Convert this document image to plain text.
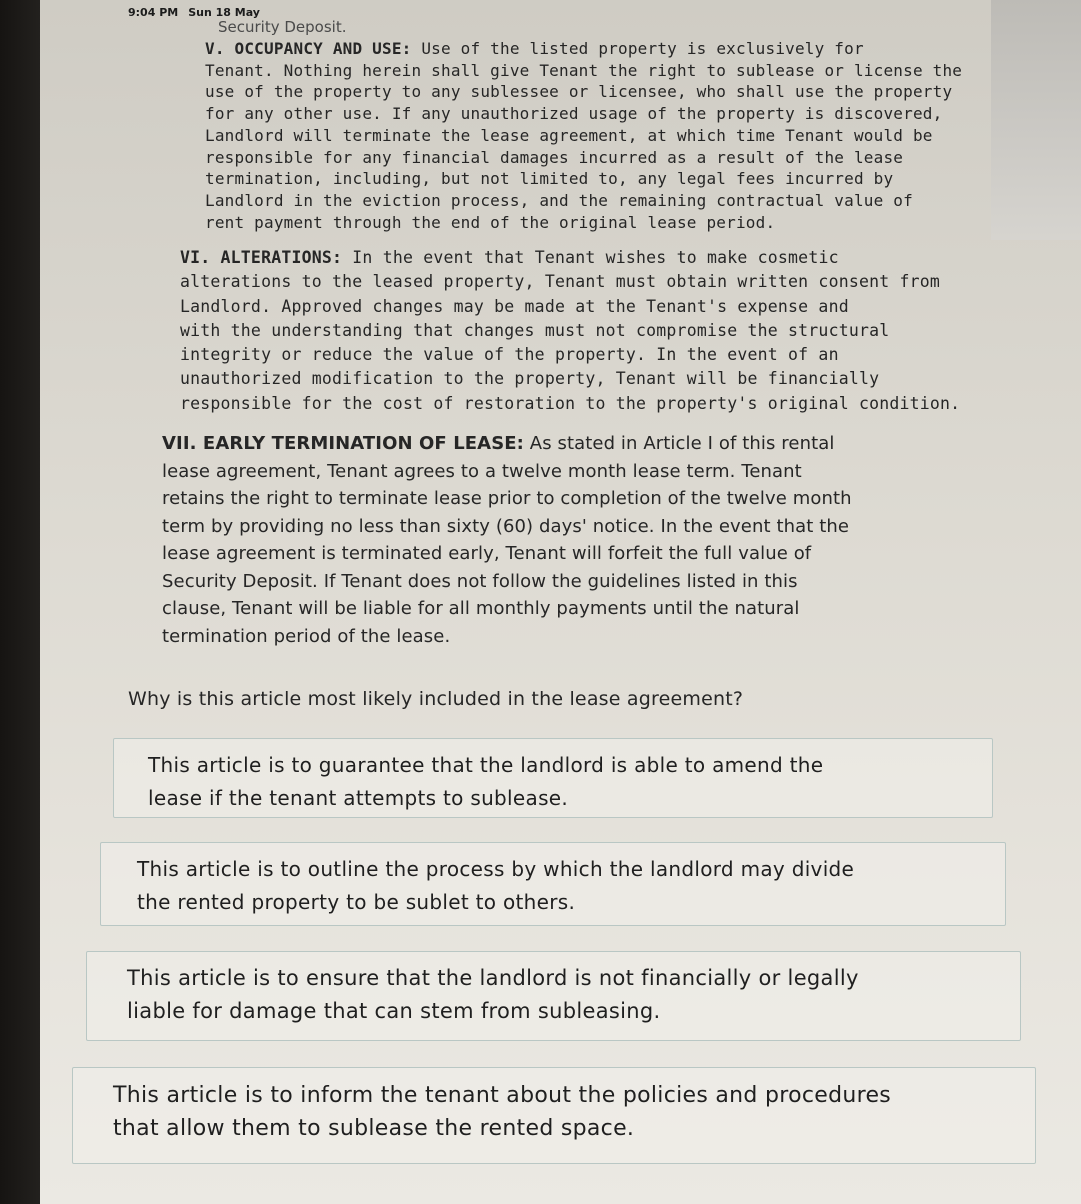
9:04 PM Sun 18 May
Security Deposit.
V. OCCUPANCY AND USE: Use of the listed property is exclusively for
Tenant. Nothing herein shall give Tenant the right to sublease or license the
use of the property to any sublessee or licensee, who shall use the property
for any other use. If any unauthorized usage of the property is discovered,
Landlord will terminate the lease agreement, at which time Tenant would be
responsible for any financial damages incurred as a result of the lease
termination, including, but not limited to, any legal fees incurred by
Landlord in the eviction process, and the remaining contractual value of
rent payment through the end of the original lease period.
VI. ALTERATIONS: In the event that Tenant wishes to make cosmetic
alterations to the leased property, Tenant must obtain written consent from
Landlord. Approved changes may be made at the Tenant's expense and
with the understanding that changes must not compromise the structural
integrity or reduce the value of the property. In the event of an
unauthorized modification to the property, Tenant will be financially
responsible for the cost of restoration to the property's original condition.
VII. EARLY TERMINATION OF LEASE: As stated in Article I of this rental
lease agreement, Tenant agrees to a twelve month lease term. Tenant
retains the right to terminate lease prior to completion of the twelve month
term by providing no less than sixty (60) days' notice. In the event that the
lease agreement is terminated early, Tenant will forfeit the full value of
Security Deposit. If Tenant does not follow the guidelines listed in this
clause, Tenant will be liable for all monthly payments until the natural
termination period of the lease.
Why is this article most likely included in the lease agreement?
This article is to guarantee that the landlord is able to amend the
lease if the tenant attempts to sublease.
This article is to outline the process by which the landlord may divide
the rented property to be sublet to others.
This article is to ensure that the landlord is not financially or legally
liable for damage that can stem from subleasing.
This article is to inform the tenant about the policies and procedures
that allow them to sublease the rented space.
